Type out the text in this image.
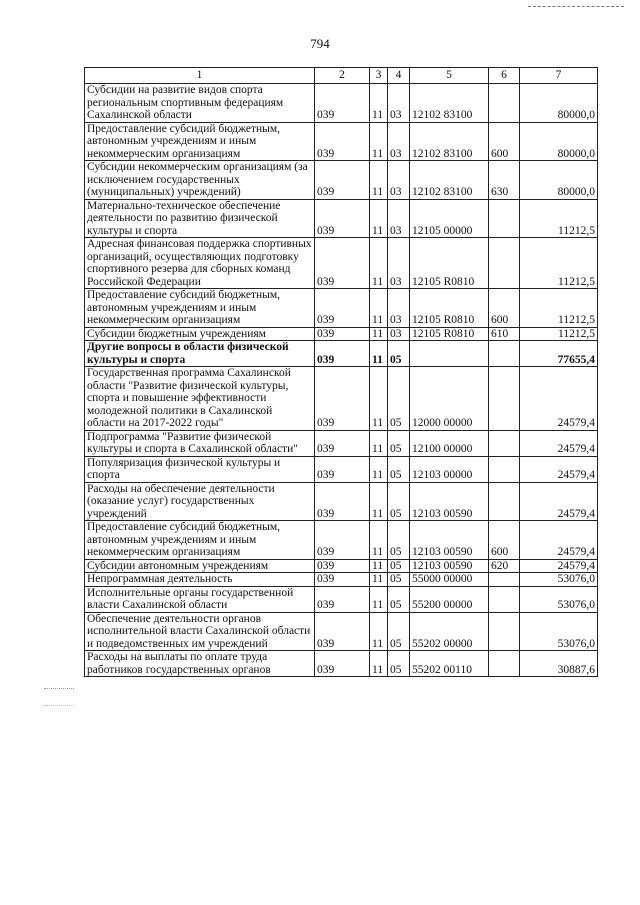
794
1	2	3	4	5	6	7
Субсидии на развитие видов спорта региональным спортивным федерациям Сахалинской области	039	11	03	12102 83100		80000,0
Предоставление субсидий бюджетным, автономным учреждениям и иным некоммерческим организациям	039	11	03	12102 83100	600	80000,0
Субсидии некоммерческим организациям (за исключением государственных (муниципальных) учреждений)	039	11	03	12102 83100	630	80000,0
Материально-техническое обеспечение деятельности по развитию физической культуры и спорта	039	11	03	12105 00000		11212,5
Адресная финансовая поддержка спортивных организаций, осуществляющих подготовку спортивного резерва для сборных команд Российской Федерации	039	11	03	12105 R0810		11212,5
Предоставление субсидий бюджетным, автономным учреждениям и иным некоммерческим организациям	039	11	03	12105 R0810	600	11212,5
Субсидии бюджетным учреждениям	039	11	03	12105 R0810	610	11212,5
Другие вопросы в области физической культуры и спорта	039	11	05			77655,4
Государственная программа Сахалинской области "Развитие физической культуры, спорта и повышение эффективности молодежной политики в Сахалинской области на 2017-2022 годы"	039	11	05	12000 00000		24579,4
Подпрограмма "Развитие физической культуры и спорта в Сахалинской области"	039	11	05	12100 00000		24579,4
Популяризация физической культуры и спорта	039	11	05	12103 00000		24579,4
Расходы на обеспечение деятельности (оказание услуг) государственных учреждений	039	11	05	12103 00590		24579,4
Предоставление субсидий бюджетным, автономным учреждениям и иным некоммерческим организациям	039	11	05	12103 00590	600	24579,4
Субсидии автономным учреждениям	039	11	05	12103 00590	620	24579,4
Непрограммная деятельность	039	11	05	55000 00000		53076,0
Исполнительные органы государственной власти Сахалинской области	039	11	05	55200 00000		53076,0
Обеспечение деятельности органов исполнительной власти Сахалинской области и подведомственных им учреждений	039	11	05	55202 00000		53076,0
Расходы на выплаты по оплате труда работников государственных органов	039	11	05	55202 00110		30887,6
